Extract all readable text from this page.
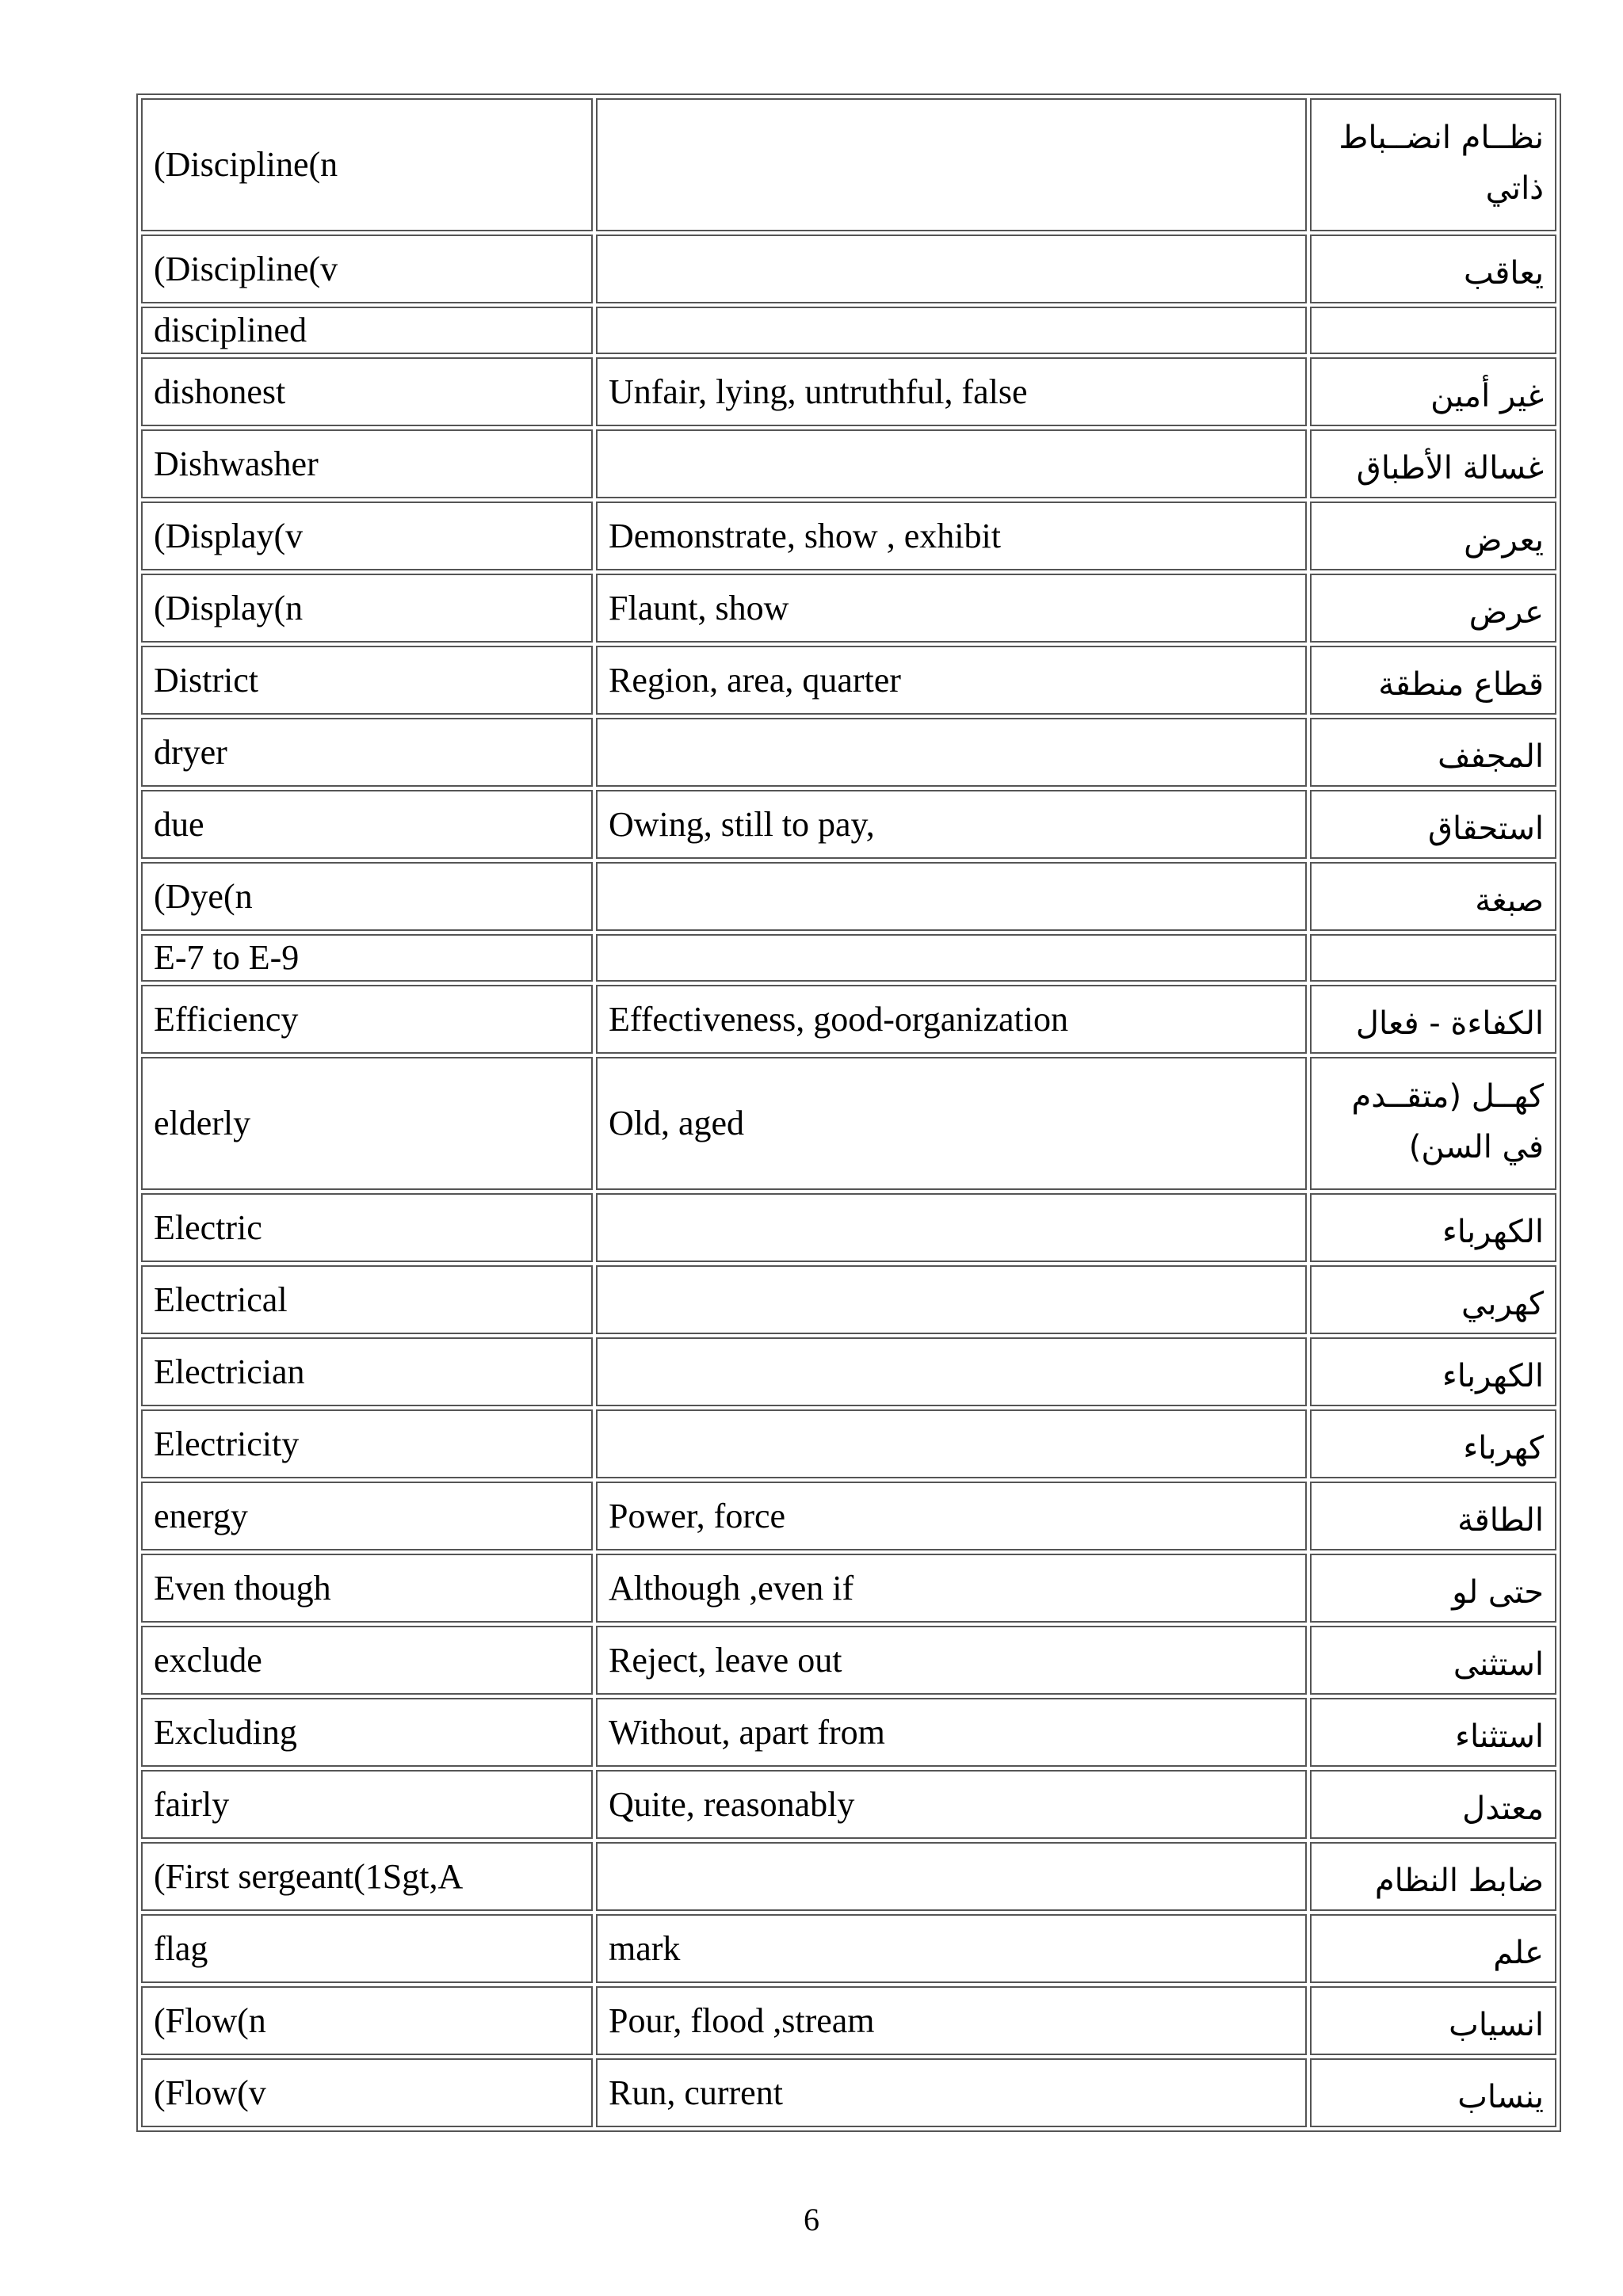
(Discipline(n		نظــام انضــباط ذاتي
(Discipline(v		يعاقب
disciplined		
dishonest	Unfair, lying, untruthful, false	غير أمين
Dishwasher		غسالة الأطباق
(Display(v	Demonstrate, show , exhibit	يعرض
(Display(n	Flaunt, show	عرض
District	Region, area, quarter	قطاع منطقة
dryer		المجفف
due	Owing, still to pay,	استحقاق
(Dye(n		صبغة
E-7 to E-9		
Efficiency	Effectiveness, good-organization	الكفاءة - فعال
elderly	Old, aged	كهــل (متقــدم في السن)
Electric		الكهرباء
Electrical		كهربي
Electrician		الكهرباء
Electricity		كهرباء
energy	Power, force	الطاقة
Even though	Although ,even if	حتى لو
exclude	Reject, leave out	استثنى
Excluding	Without, apart from	استثناء
fairly	Quite, reasonably	معتدل
(First sergeant(1Sgt,A		ضابط النظام
flag	mark	علم
(Flow(n	Pour, flood ,stream	انسياب
(Flow(v	Run, current	ينساب
6
